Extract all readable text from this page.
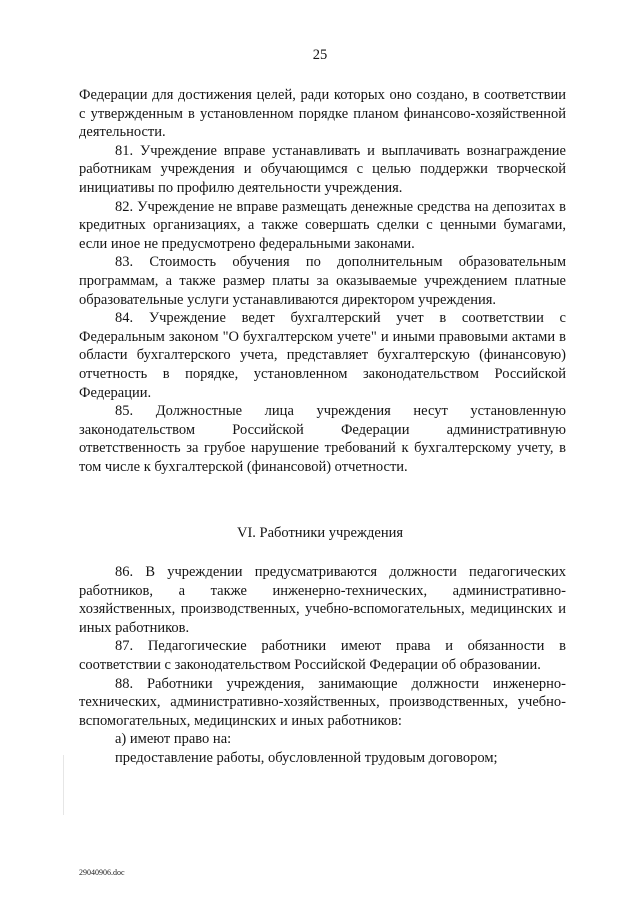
25

Федерации для достижения целей, ради которых оно создано, в соответствии с утвержденным в установленном порядке планом финансово-хозяйственной деятельности.

81. Учреждение вправе устанавливать и выплачивать вознаграждение работникам учреждения и обучающимся с целью поддержки творческой инициативы по профилю деятельности учреждения.

82. Учреждение не вправе размещать денежные средства на депозитах в кредитных организациях, а также совершать сделки с ценными бумагами, если иное не предусмотрено федеральными законами.

83. Стоимость обучения по дополнительным образовательным программам, а также размер платы за оказываемые учреждением платные образовательные услуги устанавливаются директором учреждения.

84. Учреждение ведет бухгалтерский учет в соответствии с Федеральным законом "О бухгалтерском учете" и иными правовыми актами в области бухгалтерского учета, представляет бухгалтерскую (финансовую) отчетность в порядке, установленном законодательством Российской Федерации.

85. Должностные лица учреждения несут установленную законодательством Российской Федерации административную ответственность за грубое нарушение требований к бухгалтерскому учету, в том числе к бухгалтерской (финансовой) отчетности.

VI. Работники учреждения

86. В учреждении предусматриваются должности педагогических работников, а также инженерно-технических, административно-хозяйственных, производственных, учебно-вспомогательных, медицинских и иных работников.

87. Педагогические работники имеют права и обязанности в соответствии с законодательством Российской Федерации об образовании.

88. Работники учреждения, занимающие должности инженерно-технических, административно-хозяйственных, производственных, учебно-вспомогательных, медицинских и иных работников:

а) имеют право на:

предоставление работы, обусловленной трудовым договором;

29040906.doc
